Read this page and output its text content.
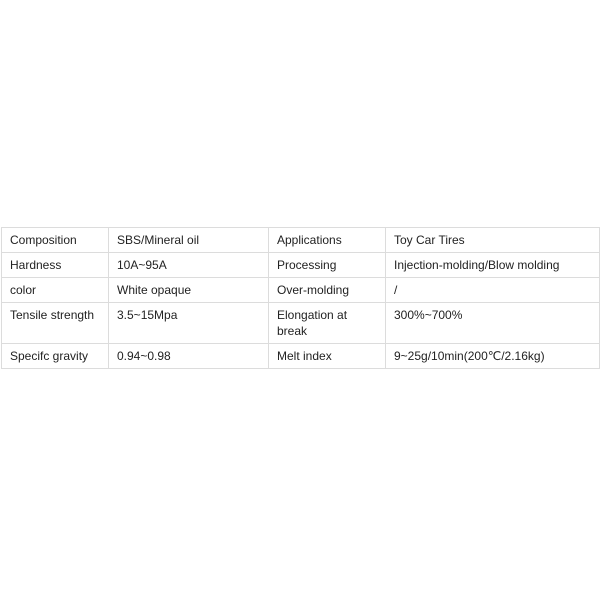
Composition	SBS/Mineral oil	Applications	Toy Car Tires
Hardness	10A~95A	Processing	Injection-molding/Blow molding
color	White opaque	Over-molding	/
Tensile strength	3.5~15Mpa	Elongation at break	300%~700%
Specifc gravity	0.94~0.98	Melt index	9~25g/10min(200℃/2.16kg)
